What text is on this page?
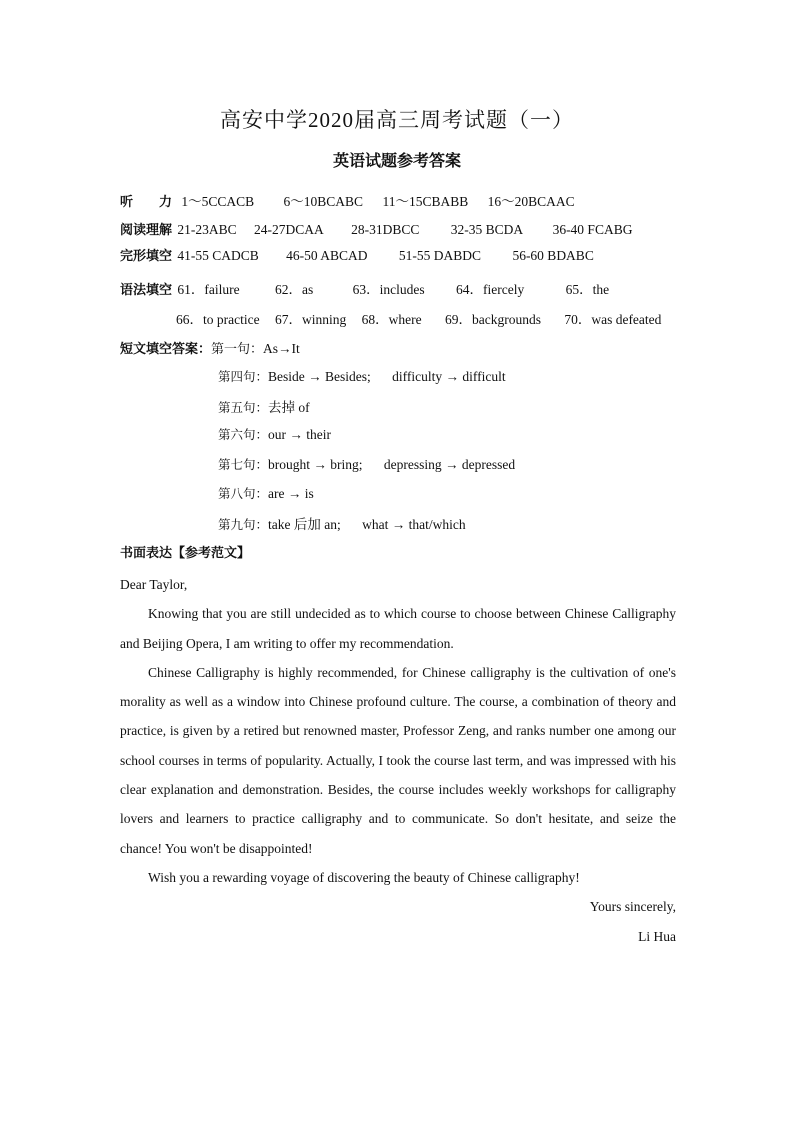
高安中学2020届高三周考试题（一）
英语试题参考答案
听　　力 1～5CCACB 6～10BCABC 11～15CBABB 16～20BCAAC
阅读理解 21-23ABC 24-27DCAA 28-31DBCC 32-35 BCDA 36-40 FCABG
完形填空 41-55 CADCB 46-50 ABCAD 51-55 DABDC 56-60 BDABC
语法填空 61．failure	62．as	63．includes 64．fiercely	65．the
66．to practice 67．winning 68．where 69．backgrounds 70．was defeated
短文填空答案：第一句：As→It
第四句：Beside → Besides; difficulty → difficult
第五句：去掉 of
第六句：our → their
第七句：brought → bring; depressing → depressed
第八句：are → is
第九句：take 后加 an; what → that/which
书面表达【参考范文】

Dear Taylor,

Knowing that you are still undecided as to which course to choose between Chinese Calligraphy and Beijing Opera, I am writing to offer my recommendation.

Chinese Calligraphy is highly recommended, for Chinese calligraphy is the cultivation of one's morality as well as a window into Chinese profound culture. The course, a combination of theory and practice, is given by a retired but renowned master, Professor Zeng, and ranks number one among our school courses in terms of popularity. Actually, I took the course last term, and was impressed with his clear explanation and demonstration. Besides, the course includes weekly workshops for calligraphy lovers and learners to practice calligraphy and to communicate. So don't hesitate, and seize the chance! You won't be disappointed!

Wish you a rewarding voyage of discovering the beauty of Chinese calligraphy!

Yours sincerely,

Li Hua
